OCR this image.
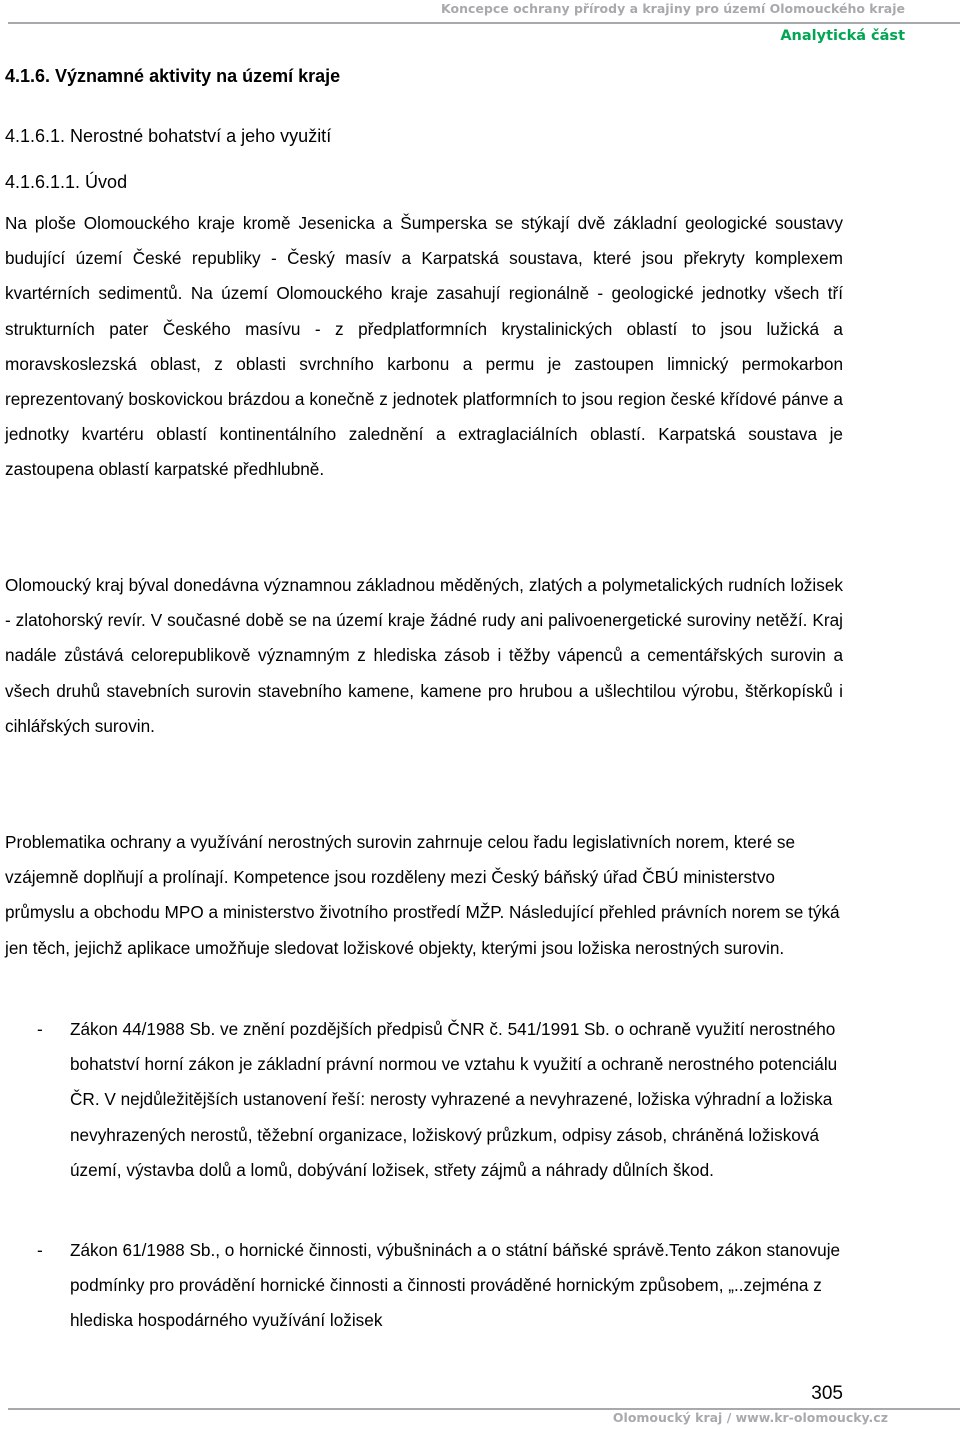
Koncepce ochrany přírody a krajiny pro území Olomouckého kraje
Analytická část
4.1.6. Významné aktivity na území kraje
4.1.6.1. Nerostné bohatství a jeho využití
4.1.6.1.1. Úvod

Na ploše Olomouckého kraje kromě Jesenicka a Šumperska se stýkají dvě základní geologické soustavy budující území České republiky - Český masív a Karpatská soustava, které jsou překryty komplexem kvartérních sedimentů. Na území Olomouckého kraje zasahují regionálně - geologické jednotky všech tří strukturních pater Českého masívu - z předplatformních krystalinických oblastí to jsou lužická a moravskoslezská oblast, z oblasti svrchního karbonu a permu je zastoupen limnický permokarbon reprezentovaný boskovickou brázdou a konečně z jednotek platformních to jsou region české křídové pánve a jednotky kvartéru oblastí kontinentálního zalednění a extraglaciálních oblastí. Karpatská soustava je zastoupena oblastí karpatské předhlubně.

Olomoucký kraj býval donedávna významnou základnou měděných, zlatých a polymetalických rudních ložisek - zlatohorský revír. V současné době se na území kraje žádné rudy ani palivoenergetické suroviny netěží. Kraj nadále zůstává celorepublikově významným z hlediska zásob i těžby vápenců a cementářských surovin a všech druhů stavebních surovin stavebního kamene, kamene pro hrubou a ušlechtilou výrobu, štěrkopísků i cihlářských surovin.

Problematika ochrany a využívání nerostných surovin zahrnuje celou řadu legislativních norem, které se vzájemně doplňují a prolínají. Kompetence jsou rozděleny mezi Český báňský úřad ČBÚ ministerstvo průmyslu a obchodu MPO a ministerstvo životního prostředí MŽP. Následující přehled právních norem se týká jen těch, jejichž aplikace umožňuje sledovat ložiskové objekty, kterými jsou ložiska nerostných surovin.

- Zákon 44/1988 Sb. ve znění pozdějších předpisů ČNR č. 541/1991 Sb. o ochraně využití nerostného bohatství horní zákon je základní právní normou ve vztahu k využití a ochraně nerostného potenciálu ČR. V nejdůležitějších ustanovení řeší: nerosty vyhrazené a nevyhrazené, ložiska výhradní a ložiska nevyhrazených nerostů, těžební organizace, ložiskový průzkum, odpisy zásob, chráněná ložisková území, výstavba dolů a lomů, dobývání ložisek, střety zájmů a náhrady důlních škod.

- Zákon 61/1988 Sb., o hornické činnosti, výbušninách a o státní báňské správě.Tento zákon stanovuje podmínky pro provádění hornické činnosti a činnosti prováděné hornickým způsobem, „..zejména z hlediska hospodárného využívání ložisek

305
Olomoucký kraj / www.kr-olomoucky.cz
